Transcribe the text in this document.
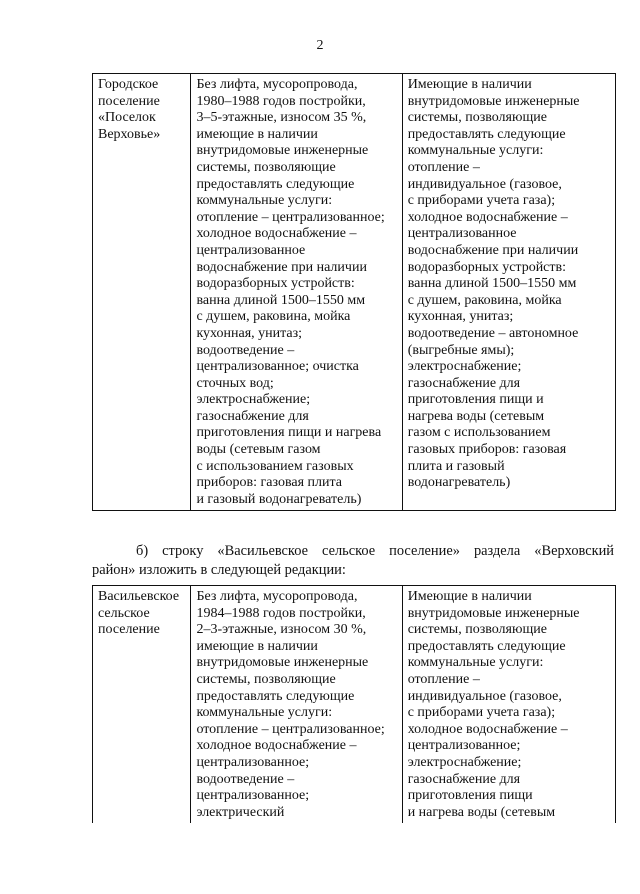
2
Городское
поселение
«Поселок
Верховье»

Без лифта, мусоропровода,
1980–1988 годов постройки,
3–5-этажные, износом 35 %,
имеющие в наличии
внутридомовые инженерные
системы, позволяющие
предоставлять следующие
коммунальные услуги:
отопление – централизованное;
холодное водоснабжение –
централизованное
водоснабжение при наличии
водоразборных устройств:
ванна длиной 1500–1550 мм
с душем, раковина, мойка
кухонная, унитаз;
водоотведение –
централизованное; очистка
сточных вод;
электроснабжение;
газоснабжение для
приготовления пищи и нагрева
воды (сетевым газом
с использованием газовых
приборов: газовая плита
и газовый водонагреватель)

Имеющие в наличии
внутридомовые инженерные
системы, позволяющие
предоставлять следующие
коммунальные услуги:
отопление –
индивидуальное (газовое,
с приборами учета газа);
холодное водоснабжение –
централизованное
водоснабжение при наличии
водоразборных устройств:
ванна длиной 1500–1550 мм
с душем, раковина, мойка
кухонная, унитаз;
водоотведение – автономное
(выгребные ямы);
электроснабжение;
газоснабжение для
приготовления пищи и
нагрева воды (сетевым
газом с использованием
газовых приборов: газовая
плита и газовый
водонагреватель)
б) строку «Васильевское сельское поселение» раздела «Верховский
район» изложить в следующей редакции:
Васильевское
сельское
поселение

Без лифта, мусоропровода,
1984–1988 годов постройки,
2–3-этажные, износом 30 %,
имеющие в наличии
внутридомовые инженерные
системы, позволяющие
предоставлять следующие
коммунальные услуги:
отопление – централизованное;
холодное водоснабжение –
централизованное;
водоотведение –
централизованное;
электрический

Имеющие в наличии
внутридомовые инженерные
системы, позволяющие
предоставлять следующие
коммунальные услуги:
отопление –
индивидуальное (газовое,
с приборами учета газа);
холодное водоснабжение –
централизованное;
электроснабжение;
газоснабжение для
приготовления пищи
и нагрева воды (сетевым
